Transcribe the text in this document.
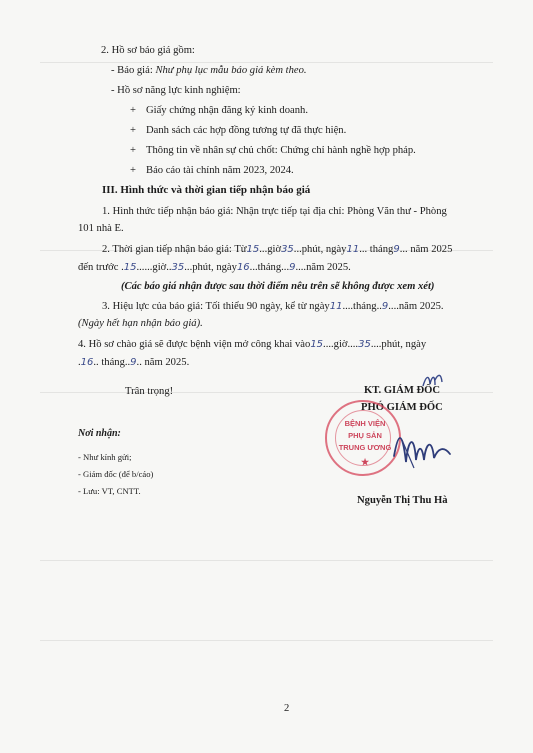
2. Hồ sơ báo giá gồm:
- Báo giá: Như phụ lục mẫu báo giá kèm theo.
- Hồ sơ năng lực kinh nghiệm:
+ Giấy chứng nhận đăng ký kinh doanh.
+ Danh sách các hợp đồng tương tự đã thực hiện.
+ Thông tin về nhân sự chủ chốt: Chứng chỉ hành nghề hợp pháp.
+ Báo cáo tài chính năm 2023, 2024.
III. Hình thức và thời gian tiếp nhận báo giá
1. Hình thức tiếp nhận báo giá: Nhận trực tiếp tại địa chỉ: Phòng Văn thư - Phòng
101 nhà E.
2. Thời gian tiếp nhận báo giá: Từ15...giờ35...phút, ngày11... tháng9... năm 2025
đến trước .15......giờ..35...phút, ngày16...tháng...9....năm 2025.
(Các báo giá nhận được sau thời điểm nêu trên sẽ không được xem xét)
3. Hiệu lực của báo giá: Tối thiểu 90 ngày, kể từ ngày11....tháng..9....năm 2025.
(Ngày hết hạn nhận báo giá).
4. Hồ sơ chào giá sẽ được bệnh viện mở công khai vào15....giờ....35....phút, ngày
.16.. tháng..9.. năm 2025.
Trân trọng!
Nơi nhận:
- Như kính gửi;
- Giám đốc (để b/cáo)
- Lưu: VT, CNTT.
KT. GIÁM ĐỐC
PHÓ GIÁM ĐỐC
BỆNH VIỆN
PHỤ SẢN
TRUNG ƯƠNG
★
Nguyễn Thị Thu Hà
2
